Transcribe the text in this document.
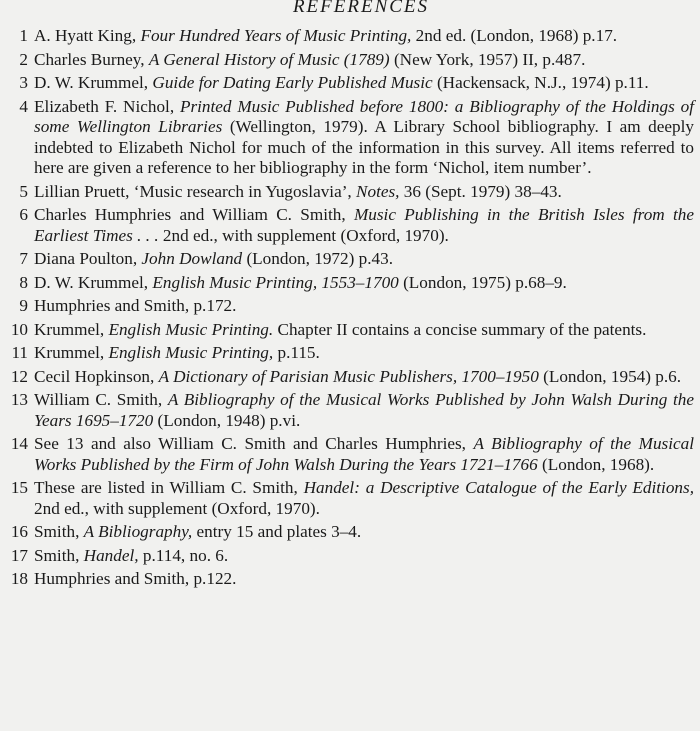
REFERENCES
1 A. Hyatt King, Four Hundred Years of Music Printing, 2nd ed. (London, 1968) p.17.
2 Charles Burney, A General History of Music (1789) (New York, 1957) II, p.487.
3 D. W. Krummel, Guide for Dating Early Published Music (Hackensack, N.J., 1974) p.11.
4 Elizabeth F. Nichol, Printed Music Published before 1800: a Bibliography of the Holdings of some Wellington Libraries (Wellington, 1979). A Library School bibliography. I am deeply indebted to Elizabeth Nichol for much of the information in this survey. All items referred to here are given a reference to her bibliography in the form ‘Nichol, item number’.
5 Lillian Pruett, ‘Music research in Yugoslavia’, Notes, 36 (Sept. 1979) 38–43.
6 Charles Humphries and William C. Smith, Music Publishing in the British Isles from the Earliest Times . . . 2nd ed., with supplement (Oxford, 1970).
7 Diana Poulton, John Dowland (London, 1972) p.43.
8 D. W. Krummel, English Music Printing, 1553–1700 (London, 1975) p.68–9.
9 Humphries and Smith, p.172.
10 Krummel, English Music Printing. Chapter II contains a concise summary of the patents.
11 Krummel, English Music Printing, p.115.
12 Cecil Hopkinson, A Dictionary of Parisian Music Publishers, 1700–1950 (London, 1954) p.6.
13 William C. Smith, A Bibliography of the Musical Works Published by John Walsh During the Years 1695–1720 (London, 1948) p.vi.
14 See 13 and also William C. Smith and Charles Humphries, A Bibliography of the Musical Works Published by the Firm of John Walsh During the Years 1721–1766 (London, 1968).
15 These are listed in William C. Smith, Handel: a Descriptive Catalogue of the Early Editions, 2nd ed., with supplement (Oxford, 1970).
16 Smith, A Bibliography, entry 15 and plates 3–4.
17 Smith, Handel, p.114, no. 6.
18 Humphries and Smith, p.122.
